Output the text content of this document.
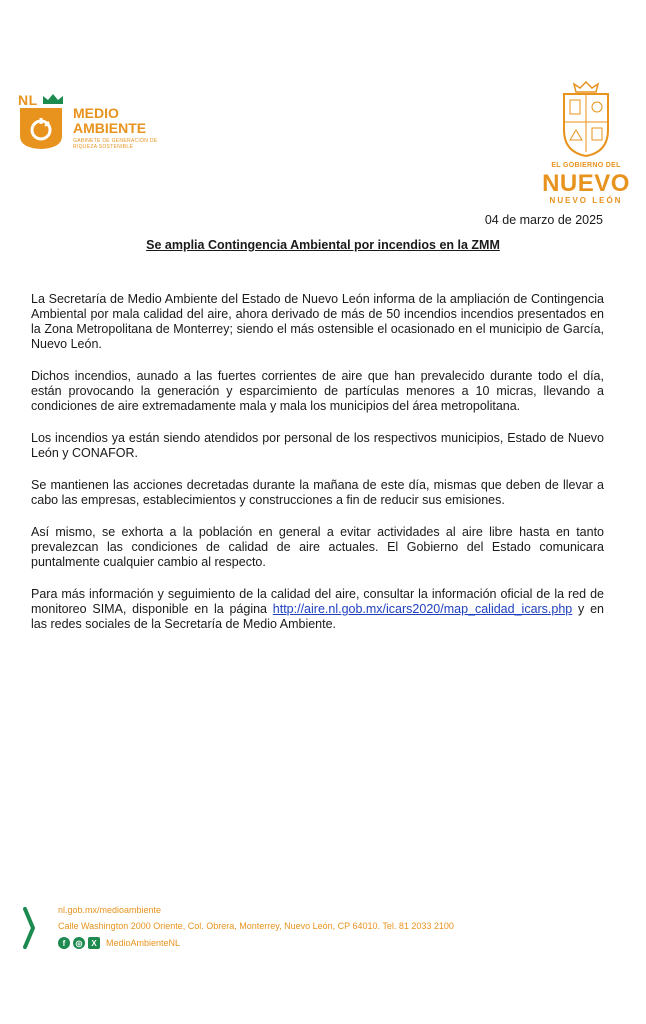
NL
MEDIO
AMBIENTE
GABINETE DE GENERACIÓN DE RIQUEZA SOSTENIBLE
EL GOBIERNO DEL
NUEVO
NUEVO LEÓN
04 de marzo de 2025
Se amplia Contingencia Ambiental por incendios en la ZMM

La Secretaría de Medio Ambiente del Estado de Nuevo León informa de la ampliación de Contingencia Ambiental por mala calidad del aire, ahora derivado de más de 50 incendios incendios presentados en la Zona Metropolitana de Monterrey; siendo el más ostensible el ocasionado en el municipio de García, Nuevo León.

Dichos incendios, aunado a las fuertes corrientes de aire que han prevalecido durante todo el día, están provocando la generación y esparcimiento de partículas menores a 10 micras, llevando a condiciones de aire extremadamente mala y mala los municipios del área metropolitana.

Los incendios ya están siendo atendidos por personal de los respectivos municipios, Estado de Nuevo León y CONAFOR.

Se mantienen las acciones decretadas durante la mañana de este día, mismas que deben de llevar a cabo las empresas, establecimientos y construcciones a fin de reducir sus emisiones.

Así mismo, se exhorta a la población en general a evitar actividades al aire libre hasta en tanto prevalezcan las condiciones de calidad de aire actuales. El Gobierno del Estado comunicara puntalmente cualquier cambio al respecto.

Para más información y seguimiento de la calidad del aire, consultar la información oficial de la red de monitoreo SIMA, disponible en la página http://aire.nl.gob.mx/icars2020/map_calidad_icars.php y en las redes sociales de la Secretaría de Medio Ambiente.

nl.gob.mx/medioambiente
Calle Washington 2000 Oriente, Col. Obrera, Monterrey, Nuevo León, CP 64010. Tel. 81 2033 2100
f	◎	X	MedioAmbienteNL
